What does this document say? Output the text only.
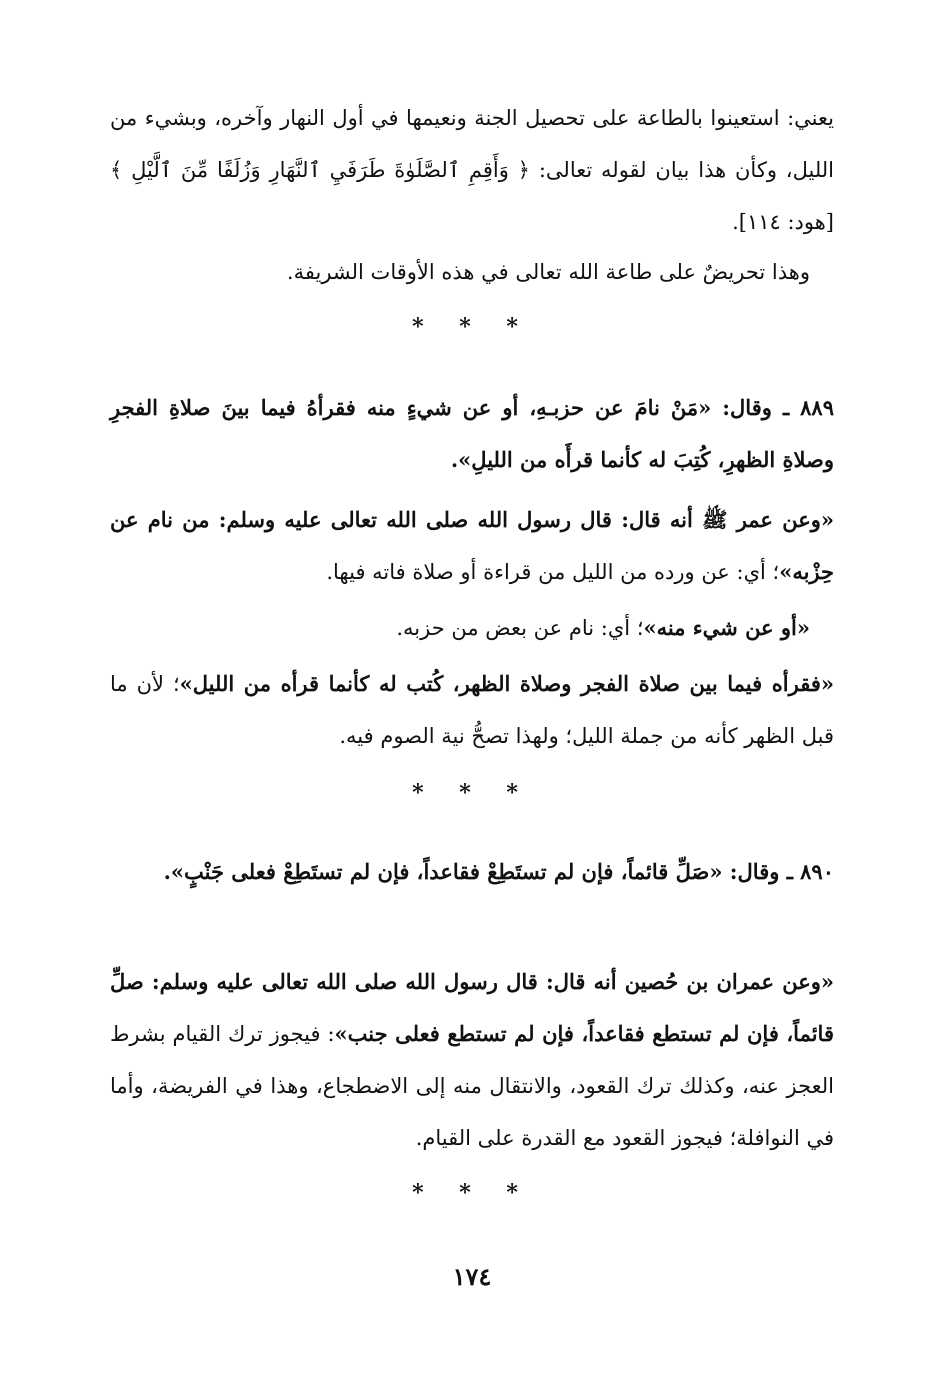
يعني: استعينوا بالطاعة على تحصيل الجنة ونعيمها في أول النهار وآخره، وبشيء من الليل، وكأن هذا بيان لقوله تعالى: ﴿ وَأَقِمِ ٱلصَّلَوٰةَ طَرَفَيِ ٱلنَّهَارِ وَزُلَفًا مِّنَ ٱلَّيْلِ ﴾ [هود: ١١٤].
وهذا تحريضٌ على طاعة الله تعالى في هذه الأوقات الشريفة.
* * *
٨٨٩ ـ وقال: «مَنْ نامَ عن حزبـهِ، أو عن شيءٍ منه فقرأهُ فيما بينَ صلاةِ الفجرِ وصلاةِ الظهرِ، كُتِبَ له كأنما قرأَه من الليلِ».
«وعن عمر ﷺ أنه قال: قال رسول الله صلى الله تعالى عليه وسلم: من نام عن حِزْبه»؛ أي: عن ورده من الليل من قراءة أو صلاة فاته فيها.
«أو عن شيء منه»؛ أي: نام عن بعض من حزبه.
«فقرأه فيما بين صلاة الفجر وصلاة الظهر، كُتب له كأنما قرأه من الليل»؛ لأن ما قبل الظهر كأنه من جملة الليل؛ ولهذا تصحُّ نية الصوم فيه.
* * *
٨٩٠ ـ وقال: «صَلِّ قائماً، فإن لم تستَطِعْ فقاعداً، فإن لم تستَطِعْ فعلى جَنْبٍ».
«وعن عمران بن حُصين أنه قال: قال رسول الله صلى الله تعالى عليه وسلم: صلِّ قائماً، فإن لم تستطع فقاعداً، فإن لم تستطع فعلى جنب»: فيجوز ترك القيام بشرط العجز عنه، وكذلك ترك القعود، والانتقال منه إلى الاضطجاع، وهذا في الفريضة، وأما في النوافلة؛ فيجوز القعود مع القدرة على القيام.
* * *
١٧٤
